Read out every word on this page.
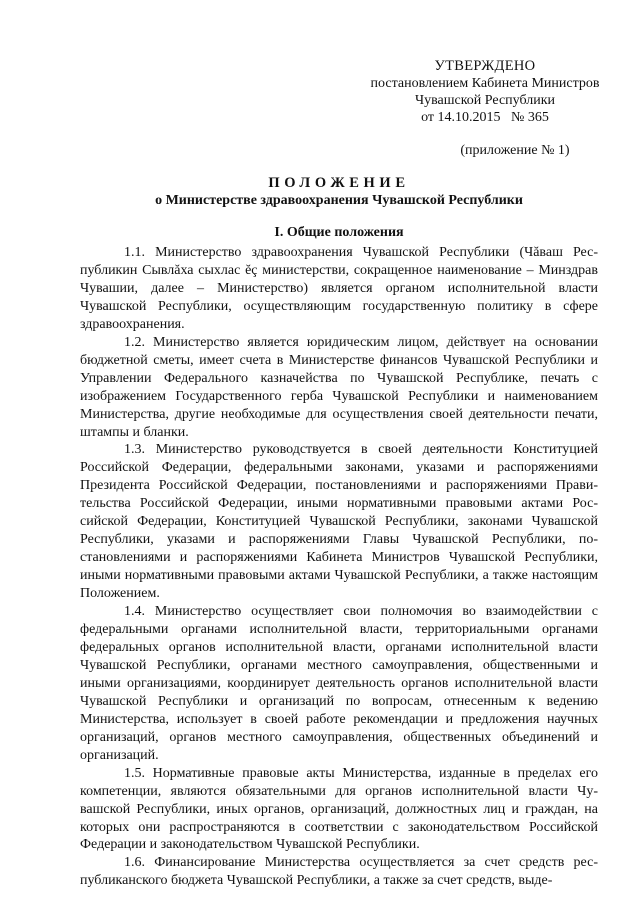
УТВЕРЖДЕНО
постановлением Кабинета Министров
Чувашской Республики
от 14.10.2015   № 365
(приложение № 1)
ПОЛОЖЕНИЕ
о Министерстве здравоохранения Чувашской Республики
I. Общие положения

1.1. Министерство здравоохранения Чувашской Республики (Чăваш Республикин Сывлăха сыхлас ĕç министерстви, сокращенное наименование – Минздрав Чувашии, далее – Министерство) является органом исполнительной власти Чувашской Республики, осуществляющим государственную политику в сфере здравоохранения.

1.2. Министерство является юридическим лицом, действует на основании бюджетной сметы, имеет счета в Министерстве финансов Чувашской Республики и Управлении Федерального казначейства по Чувашской Республике, печать с изображением Государственного герба Чувашской Республики и наименованием Министерства, другие необходимые для осуществления своей деятельности печати, штампы и бланки.

1.3. Министерство руководствуется в своей деятельности Конституцией Российской Федерации, федеральными законами, указами и распоряжениями Президента Российской Федерации, постановлениями и распоряжениями Правительства Российской Федерации, иными нормативными правовыми актами Российской Федерации, Конституцией Чувашской Республики, законами Чувашской Республики, указами и распоряжениями Главы Чувашской Республики, постановлениями и распоряжениями Кабинета Министров Чувашской Республики, иными нормативными правовыми актами Чувашской Республики, а также настоящим Положением.

1.4. Министерство осуществляет свои полномочия во взаимодействии с федеральными органами исполнительной власти, территориальными органами федеральных органов исполнительной власти, органами исполнительной власти Чувашской Республики, органами местного самоуправления, общественными и иными организациями, координирует деятельность органов исполнительной власти Чувашской Республики и организаций по вопросам, отнесенным к ведению Министерства, использует в своей работе рекомендации и предложения научных организаций, органов местного самоуправления, общественных объединений и организаций.

1.5. Нормативные правовые акты Министерства, изданные в пределах его компетенции, являются обязательными для органов исполнительной власти Чувашской Республики, иных органов, организаций, должностных лиц и граждан, на которых они распространяются в соответствии с законодательством Российской Федерации и законодательством Чувашской Республики.

1.6. Финансирование Министерства осуществляется за счет средств республиканского бюджета Чувашской Республики, а также за счет средств, выде-
